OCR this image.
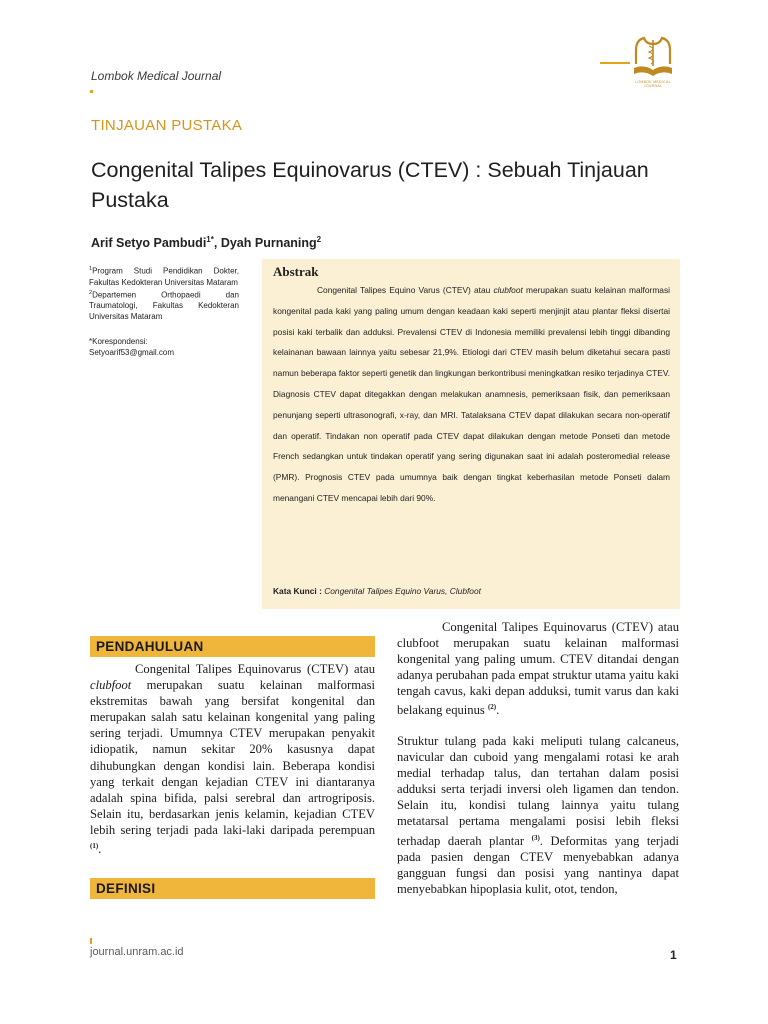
Lombok Medical Journal	LOMBOK MEDICAL JOURNAL
TINJAUAN PUSTAKA
Congenital Talipes Equinovarus (CTEV) : Sebuah Tinjauan Pustaka
Arif Setyo Pambudi$^{1*}$, Dyah Purnaning$^2$

$^1$Program Studi Pendidikan Dokter, Fakultas Kedokteran Universitas Mataram

$^2$Departemen Orthopaedi dan Traumatologi, Fakultas Kedokteran Universitas Mataram

*Korespondensi:

Setyoarif53@gmail.com

Abstrak
Congenital Talipes Equino Varus (CTEV) atau clubfoot merupakan suatu kelainan malformasi kongenital pada kaki yang paling umum dengan keadaan kaki seperti menjinjit atau plantar fleksi disertai posisi kaki terbalik dan adduksi. Prevalensi CTEV di Indonesia memiliki prevalensi lebih tinggi dibanding kelainanan bawaan lainnya yaitu sebesar 21,9%. Etiologi dari CTEV masih belum diketahui secara pasti namun beberapa faktor seperti genetik dan lingkungan berkontribusi meningkatkan resiko terjadinya CTEV. Diagnosis CTEV dapat ditegakkan dengan melakukan anamnesis, pemeriksaan fisik, dan pemeriksaan penunjang seperti ultrasonografi, x-ray, dan MRI. Tatalaksana CTEV dapat dilakukan secara non-operatif dan operatif. Tindakan non operatif pada CTEV dapat dilakukan dengan metode Ponseti dan metode French sedangkan untuk tindakan operatif yang sering digunakan saat ini adalah posteromedial release (PMR). Prognosis CTEV pada umumnya baik dengan tingkat keberhasilan metode Ponseti dalam menangani CTEV mencapai lebih dari 90%.
Kata Kunci : Congenital Talipes Equino Varus, Clubfoot
PENDAHULUAN

Congenital Talipes Equinovarus (CTEV) atau clubfoot merupakan suatu kelainan malformasi ekstremitas bawah yang bersifat kongenital dan merupakan salah satu kelainan kongenital yang paling sering terjadi. Umumnya CTEV merupakan penyakit idiopatik, namun sekitar 20% kasusnya dapat dihubungkan dengan kondisi lain. Beberapa kondisi yang terkait dengan kejadian CTEV ini diantaranya adalah spina bifida, palsi serebral dan artrogriposis. Selain itu, berdasarkan jenis kelamin, kejadian CTEV lebih sering terjadi pada laki-laki daripada perempuan $^{(1)}$.

DEFINISI

Congenital Talipes Equinovarus (CTEV) atau clubfoot merupakan suatu kelainan malformasi kongenital yang paling umum. CTEV ditandai dengan adanya perubahan pada empat struktur utama yaitu kaki tengah cavus, kaki depan adduksi, tumit varus dan kaki belakang equinus $^{(2)}$.

Struktur tulang pada kaki meliputi tulang calcaneus, navicular dan cuboid yang mengalami rotasi ke arah medial terhadap talus, dan tertahan dalam posisi adduksi serta terjadi inversi oleh ligamen dan tendon. Selain itu, kondisi tulang lainnya yaitu tulang metatarsal pertama mengalami posisi lebih fleksi terhadap daerah plantar $^{(3)}$. Deformitas yang terjadi pada pasien dengan CTEV menyebabkan adanya gangguan fungsi dan posisi yang nantinya dapat menyebabkan hipoplasia kulit, otot, tendon,

journal.unram.ac.id	1
